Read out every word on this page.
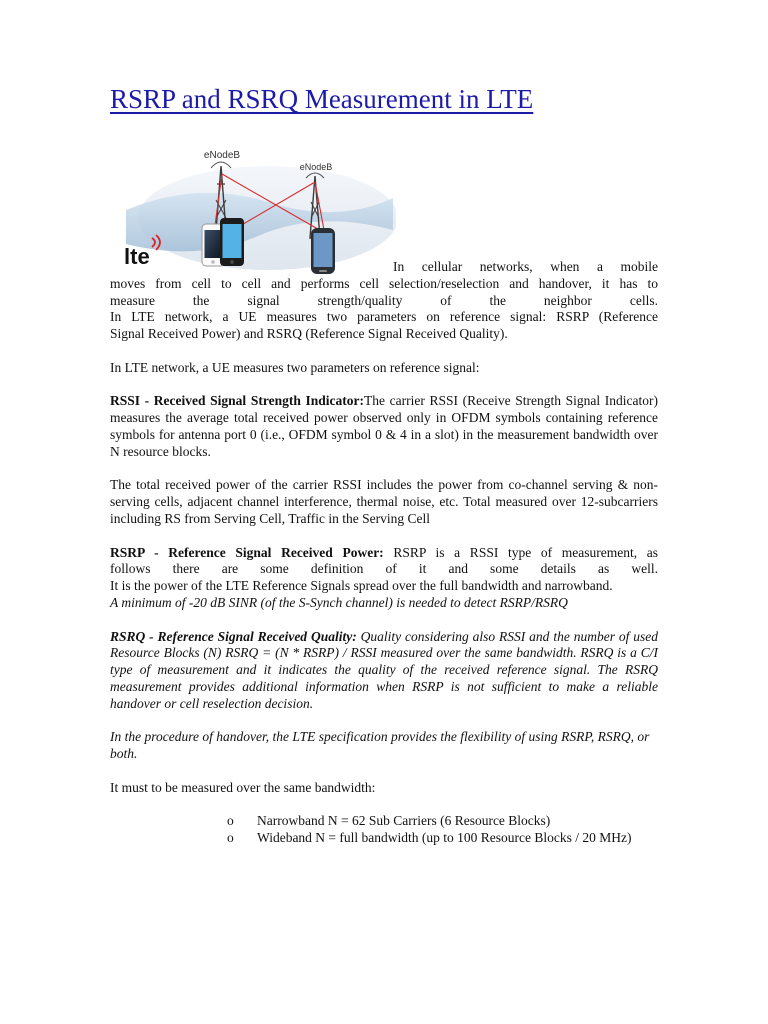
RSRP and RSRQ Measurement in LTE
eNodeB
eNodeB
lte	In cellular networks, when a mobile

moves from cell to cell and performs cell selection/reselection and handover, it has to

measure the signal strength/quality of the neighbor cells.

In LTE network, a UE measures two parameters on reference signal: RSRP (Reference

Signal Received Power) and RSRQ (Reference Signal Received Quality).

In LTE network, a UE measures two parameters on reference signal:

RSSI - Received Signal Strength Indicator:The carrier RSSI (Receive Strength Signal Indicator) measures the average total received power observed only in OFDM symbols containing reference symbols for antenna port 0 (i.e., OFDM symbol 0 & 4 in a slot) in the measurement bandwidth over N resource blocks.

The total received power of the carrier RSSI includes the power from co-channel serving & non-serving cells, adjacent channel interference, thermal noise, etc. Total measured over 12-subcarriers including RS from Serving Cell, Traffic in the Serving Cell

RSRP - Reference Signal Received Power: RSRP is a RSSI type of measurement, as

follows there are some definition of it and some details as well.

It is the power of the LTE Reference Signals spread over the full bandwidth and narrowband.

A minimum of -20 dB SINR (of the S-Synch channel) is needed to detect RSRP/RSRQ

RSRQ - Reference Signal Received Quality: Quality considering also RSSI and the number of used Resource Blocks (N) RSRQ = (N * RSRP) / RSSI measured over the same bandwidth. RSRQ is a C/I type of measurement and it indicates the quality of the received reference signal. The RSRQ measurement provides additional information when RSRP is not sufficient to make a reliable handover or cell reselection decision.

In the procedure of handover, the LTE specification provides the flexibility of using RSRP, RSRQ, or both.

It must to be measured over the same bandwidth:

o Narrowband N = 62 Sub Carriers (6 Resource Blocks)
o Wideband N = full bandwidth (up to 100 Resource Blocks / 20 MHz)
